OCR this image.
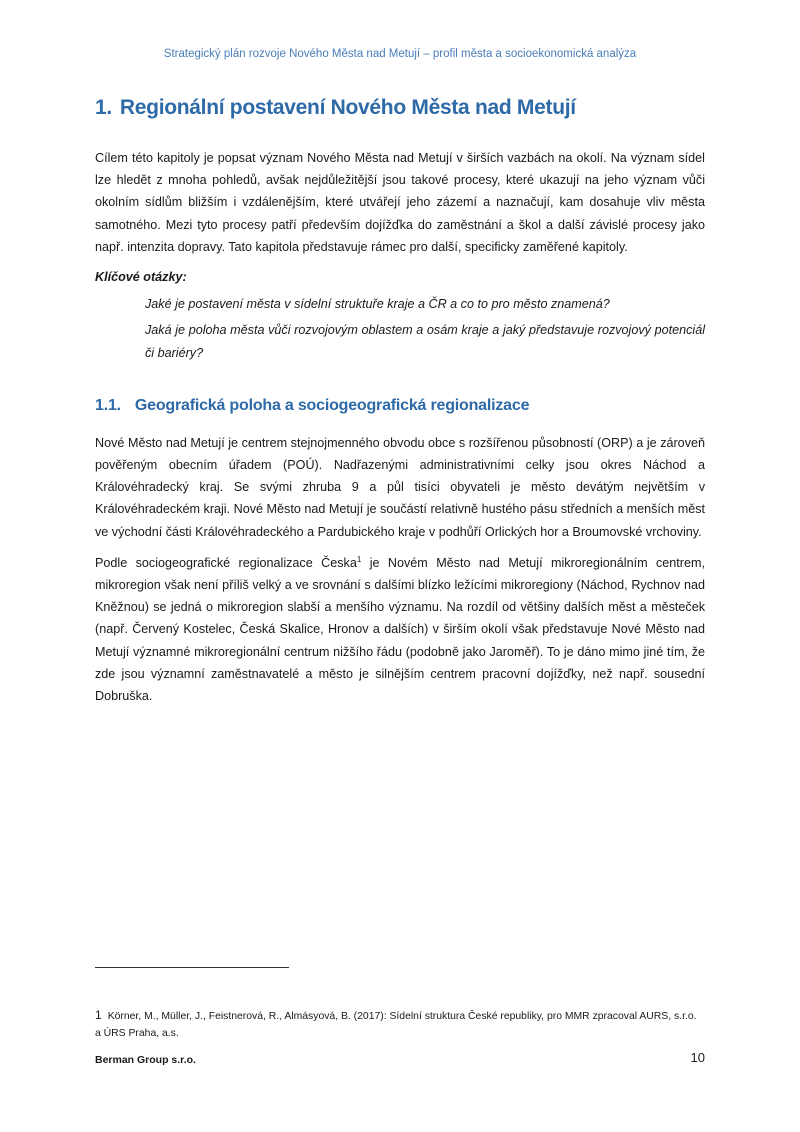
Strategický plán rozvoje Nového Města nad Metují – profil města a socioekonomická analýza
1. Regionální postavení Nového Města nad Metují

Cílem této kapitoly je popsat význam Nového Města nad Metují v širších vazbách na okolí. Na význam sídel lze hledět z mnoha pohledů, avšak nejdůležitější jsou takové procesy, které ukazují na jeho význam vůči okolním sídlům bližším i vzdálenějším, které utvářejí jeho zázemí a naznačují, kam dosahuje vliv města samotného. Mezi tyto procesy patří především dojížďka do zaměstnání a škol a další závislé procesy jako např. intenzita dopravy. Tato kapitola představuje rámec pro další, specificky zaměřené kapitoly.

Klíčové otázky:

Jaké je postavení města v sídelní struktuře kraje a ČR a co to pro město znamená?

Jaká je poloha města vůči rozvojovým oblastem a osám kraje a jaký představuje rozvojový potenciál či bariéry?

1.1. Geografická poloha a sociogeografická regionalizace

Nové Město nad Metují je centrem stejnojmenného obvodu obce s rozšířenou působností (ORP) a je zároveň pověřeným obecním úřadem (POÚ). Nadřazenými administrativními celky jsou okres Náchod a Královéhradecký kraj. Se svými zhruba 9 a půl tisíci obyvateli je město devátým největším v Královéhradeckém kraji. Nové Město nad Metují je součástí relativně hustého pásu středních a menších měst ve východní části Královéhradeckého a Pardubického kraje v podhůří Orlických hor a Broumovské vrchoviny.

Podle sociogeografické regionalizace Česka$^1$ je Novém Město nad Metují mikroregionálním centrem, mikroregion však není příliš velký a ve srovnání s dalšími blízko ležícími mikroregiony (Náchod, Rychnov nad Kněžnou) se jedná o mikroregion slabší a menšího významu. Na rozdíl od většiny dalších měst a městeček (např. Červený Kostelec, Česká Skalice, Hronov a dalších) v širším okolí však představuje Nové Město nad Metují významné mikroregionální centrum nižšího řádu (podobně jako Jaroměř). To je dáno mimo jiné tím, že zde jsou významní zaměstnavatelé a město je silnějším centrem pracovní dojížďky, než např. sousední Dobruška.

1 Körner, M., Müller, J., Feistnerová, R., Almásyová, B. (2017): Sídelní struktura České republiky, pro MMR zpracoval AURS, s.r.o. a ÚRS Praha, a.s.
Berman Group s.r.o.	10
